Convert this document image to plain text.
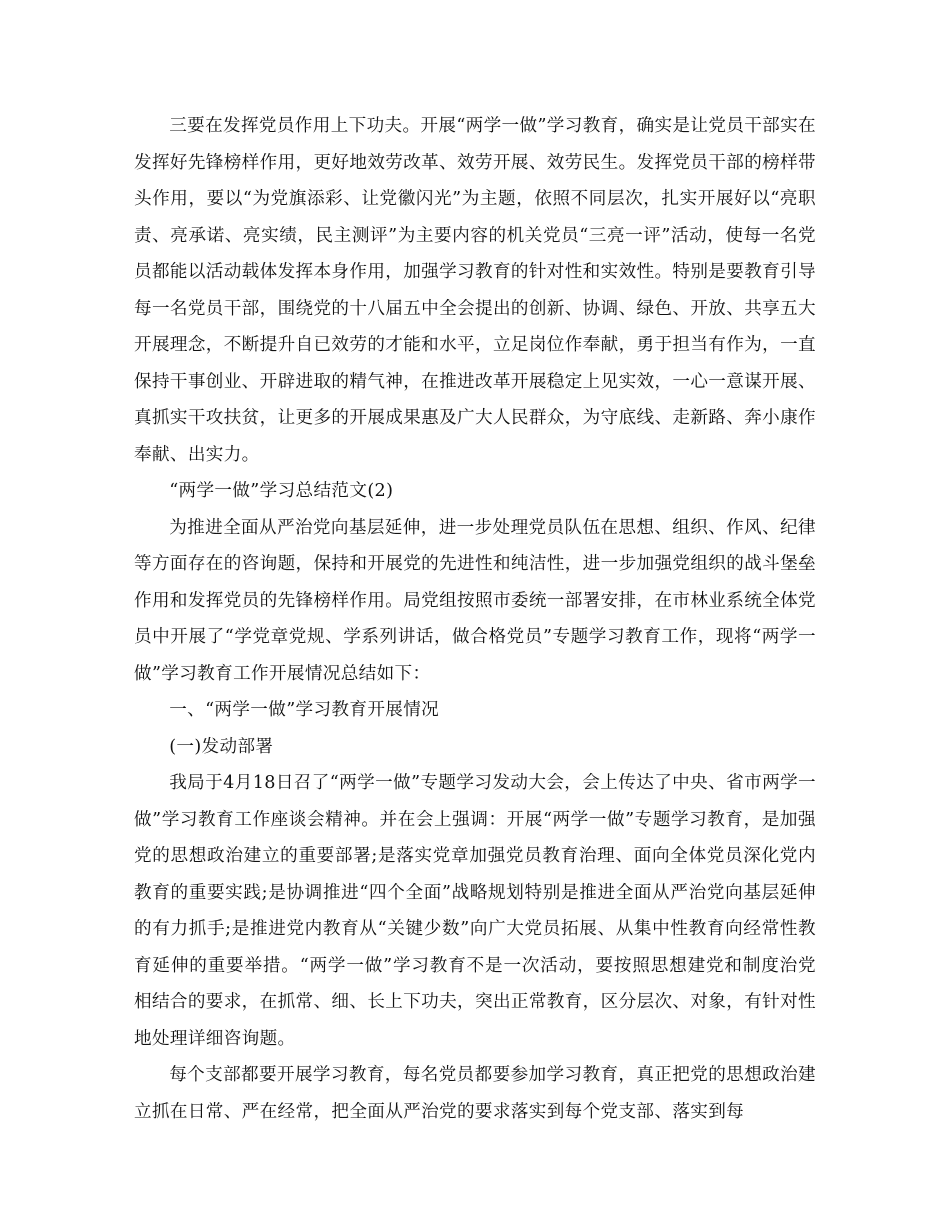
三要在发挥党员作用上下功夫。开展“两学一做”学习教育，确实是让党员干部实在发挥好先锋榜样作用，更好地效劳改革、效劳开展、效劳民生。发挥党员干部的榜样带头作用，要以“为党旗添彩、让党徽闪光”为主题，依照不同层次，扎实开展好以“亮职责、亮承诺、亮实绩，民主测评”为主要内容的机关党员“三亮一评”活动，使每一名党员都能以活动载体发挥本身作用，加强学习教育的针对性和实效性。特别是要教育引导每一名党员干部，围绕党的十八届五中全会提出的创新、协调、绿色、开放、共享五大开展理念，不断提升自已效劳的才能和水平，立足岗位作奉献，勇于担当有作为，一直保持干事创业、开辟进取的精气神，在推进改革开展稳定上见实效，一心一意谋开展、真抓实干攻扶贫，让更多的开展成果惠及广大人民群众，为守底线、走新路、奔小康作奉献、出实力。

“两学一做”学习总结范文(2)

为推进全面从严治党向基层延伸，进一步处理党员队伍在思想、组织、作风、纪律等方面存在的咨询题，保持和开展党的先进性和纯洁性，进一步加强党组织的战斗堡垒作用和发挥党员的先锋榜样作用。局党组按照市委统一部署安排，在市林业系统全体党员中开展了“学党章党规、学系列讲话，做合格党员”专题学习教育工作，现将“两学一做”学习教育工作开展情况总结如下：

一、“两学一做”学习教育开展情况

(一)发动部署

我局于4月18日召了“两学一做”专题学习发动大会，会上传达了中央、省市两学一做”学习教育工作座谈会精神。并在会上强调：开展“两学一做”专题学习教育，是加强党的思想政治建立的重要部署;是落实党章加强党员教育治理、面向全体党员深化党内教育的重要实践;是协调推进“四个全面”战略规划特别是推进全面从严治党向基层延伸的有力抓手;是推进党内教育从“关键少数”向广大党员拓展、从集中性教育向经常性教育延伸的重要举措。“两学一做”学习教育不是一次活动，要按照思想建党和制度治党相结合的要求，在抓常、细、长上下功夫，突出正常教育，区分层次、对象，有针对性地处理详细咨询题。

每个支部都要开展学习教育，每名党员都要参加学习教育，真正把党的思想政治建立抓在日常、严在经常，把全面从严治党的要求落实到每个党支部、落实到每
